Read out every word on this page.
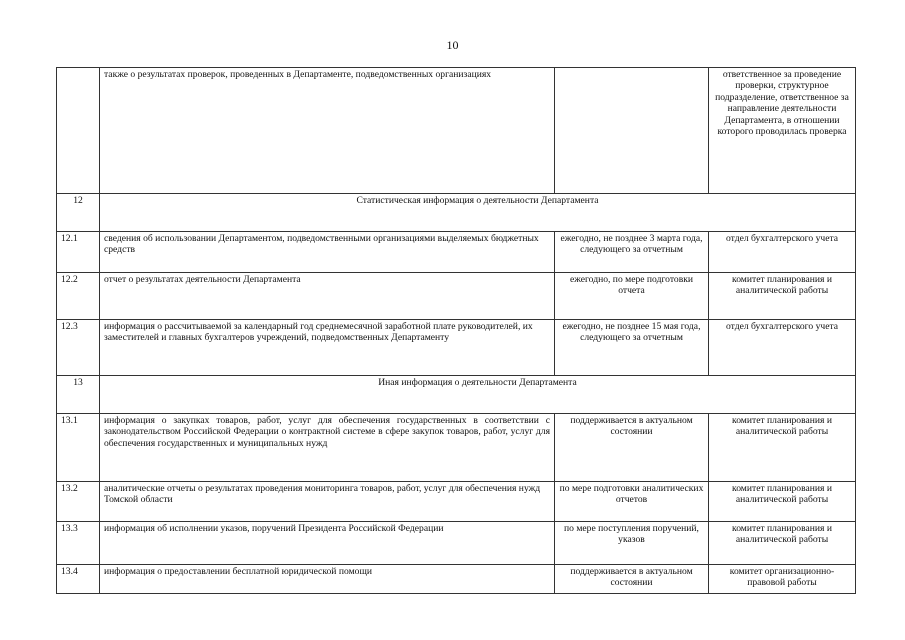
10
	также о результатах проверок, проведенных в Департаменте, подведомственных организациях		ответственное за проведение проверки, структурное подразделение, ответственное за направление деятельности Департамента, в отношении которого проводилась проверка
12	Статистическая информация о деятельности Департамента		
12.1	сведения об использовании Департаментом, подведомственными организациями выделяемых бюджетных средств	ежегодно, не позднее 3 марта года, следующего за отчетным	отдел бухгалтерского учета
12.2	отчет о результатах деятельности Департамента	ежегодно, по мере подготовки отчета	комитет планирования и аналитической работы
12.3	информация о рассчитываемой за календарный год среднемесячной заработной плате руководителей, их заместителей и главных бухгалтеров учреждений, подведомственных Департаменту	ежегодно, не позднее 15 мая года, следующего за отчетным	отдел бухгалтерского учета
13	Иная информация о деятельности Департамента		
13.1	информация о закупках товаров, работ, услуг для обеспечения государственных в соответствии с законодательством Российской Федерации о контрактной системе в сфере закупок товаров, работ, услуг для обеспечения государственных и муниципальных нужд	поддерживается в актуальном состоянии	комитет планирования и аналитической работы
13.2	аналитические отчеты о результатах проведения мониторинга товаров, работ, услуг для обеспечения нужд Томской области	по мере подготовки аналитических отчетов	комитет планирования и аналитической работы
13.3	информация об исполнении указов, поручений Президента Российской Федерации	по мере поступления поручений, указов	комитет планирования и аналитической работы
13.4	информация о предоставлении бесплатной юридической помощи	поддерживается в актуальном состоянии	комитет организационно-правовой работы
